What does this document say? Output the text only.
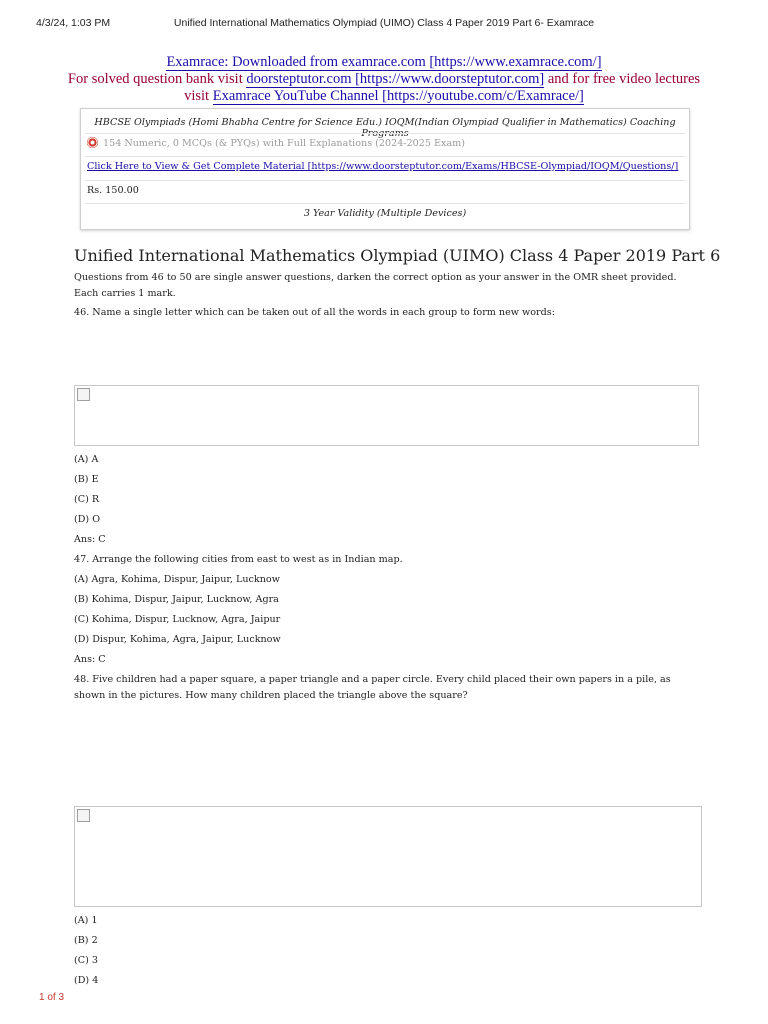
4/3/24, 1:03 PM	Unified International Mathematics Olympiad (UIMO) Class 4 Paper 2019 Part 6- Examrace
Examrace: Downloaded from examrace.com [https://www.examrace.com/]
For solved question bank visit doorsteptutor.com [https://www.doorsteptutor.com] and for free video lectures
visit Examrace YouTube Channel [https://youtube.com/c/Examrace/]
HBCSE Olympiads (Homi Bhabha Centre for Science Edu.) IOQM(Indian Olympiad Qualifier in Mathematics) Coaching
154 Numeric, 0 MCQs (& PYQs) with Full Explanations (2024-2025 Exam)
Click Here to View & Get Complete Material [https://www.doorsteptutor.com/Exams/HBCSE-Olympiad/IOQM/Questions/]
Rs. 150.00
3 Year Validity (Multiple Devices)
Unified International Mathematics Olympiad (UIMO) Class 4 Paper 2019 Part 6
Questions from 46 to 50 are single answer questions, darken the correct option as your answer in the OMR sheet provided. Each carries 1 mark.
46. Name a single letter which can be taken out of all the words in each group to form new words:
(A) A
(B) E
(C) R
(D) O
Ans: C
47. Arrange the following cities from east to west as in Indian map.
(A) Agra, Kohima, Dispur, Jaipur, Lucknow
(B) Kohima, Dispur, Jaipur, Lucknow, Agra
(C) Kohima, Dispur, Lucknow, Agra, Jaipur
(D) Dispur, Kohima, Agra, Jaipur, Lucknow
Ans: C
48. Five children had a paper square, a paper triangle and a paper circle. Every child placed their own papers in a pile, as shown in the pictures. How many children placed the triangle above the square?
(A) 1
(B) 2
(C) 3
(D) 4
1 of 3
